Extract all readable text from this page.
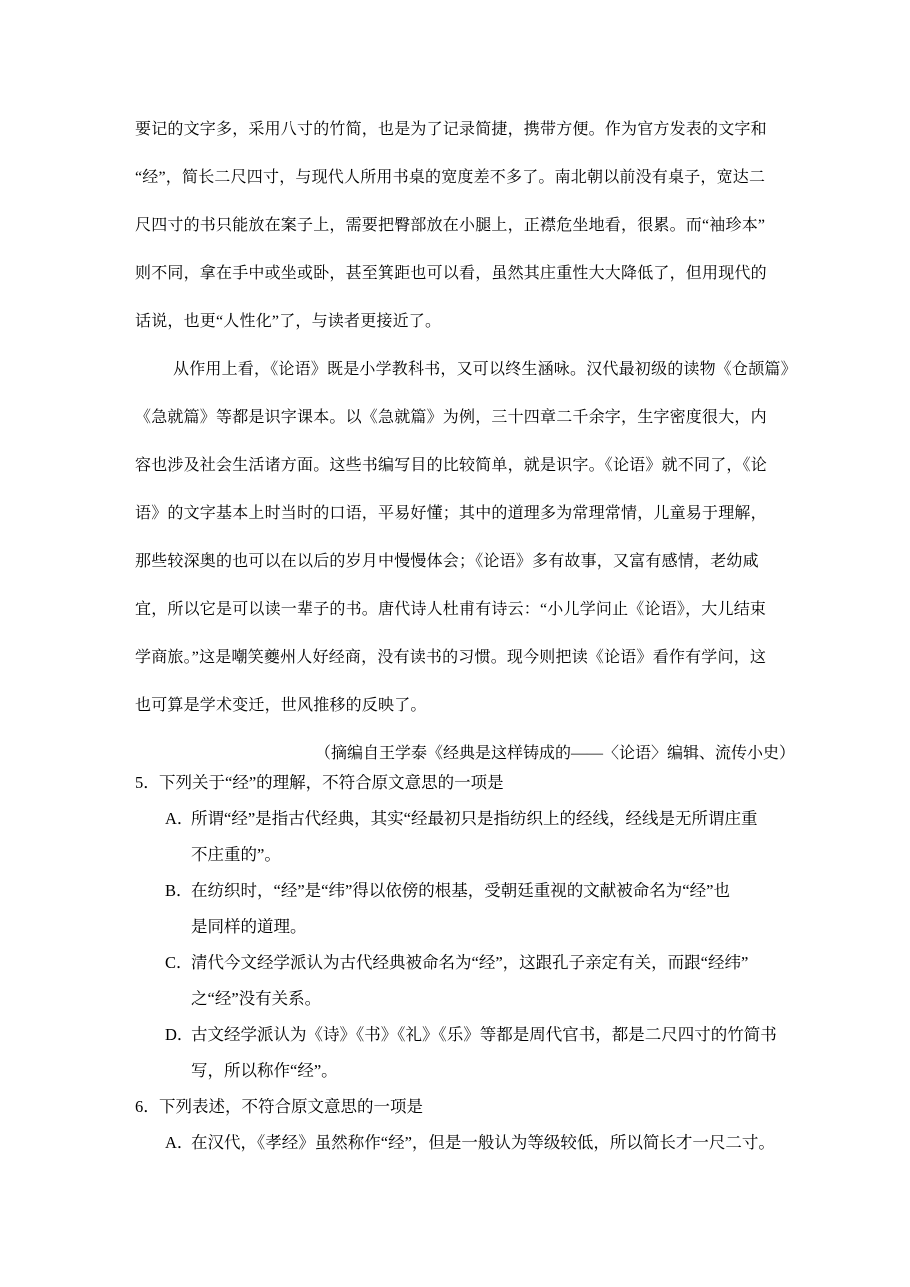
要记的文字多，采用八寸的竹简，也是为了记录简捷，携带方便。作为官方发表的文字和
“经”，简长二尺四寸，与现代人所用书桌的宽度差不多了。南北朝以前没有桌子，宽达二
尺四寸的书只能放在案子上，需要把臀部放在小腿上，正襟危坐地看，很累。而“袖珍本”
则不同，拿在手中或坐或卧，甚至箕距也可以看，虽然其庄重性大大降低了，但用现代的
话说，也更“人性化”了，与读者更接近了。
从作用上看，《论语》既是小学教科书，又可以终生涵咏。汉代最初级的读物《仓颉篇》
《急就篇》等都是识字课本。以《急就篇》为例，三十四章二千余字，生字密度很大，内
容也涉及社会生活诸方面。这些书编写目的比较简单，就是识字。《论语》就不同了，《论
语》的文字基本上时当时的口语，平易好懂；其中的道理多为常理常情，儿童易于理解，
那些较深奥的也可以在以后的岁月中慢慢体会；《论语》多有故事，又富有感情，老幼咸
宜，所以它是可以读一辈子的书。唐代诗人杜甫有诗云：“小儿学问止《论语》，大儿结束
学商旅。”这是嘲笑夔州人好经商，没有读书的习惯。现今则把读《论语》看作有学问，这
也可算是学术变迁，世风推移的反映了。
（摘编自王学泰《经典是这样铸成的——〈论语〉编辑、流传小史）
5．下列关于“经”的理解，不符合原文意思的一项是
A．所谓“经”是指古代经典，其实“经最初只是指纺织上的经线，经线是无所谓庄重
不庄重的”。
B．在纺织时，“经”是“纬”得以依傍的根基，受朝廷重视的文献被命名为“经”也
是同样的道理。
C．清代今文经学派认为古代经典被命名为“经”，这跟孔子亲定有关，而跟“经纬”
之“经”没有关系。
D．古文经学派认为《诗》《书》《礼》《乐》等都是周代官书，都是二尺四寸的竹简书
写，所以称作“经”。
6．下列表述，不符合原文意思的一项是
A．在汉代，《孝经》虽然称作“经”，但是一般认为等级较低，所以简长才一尺二寸。
